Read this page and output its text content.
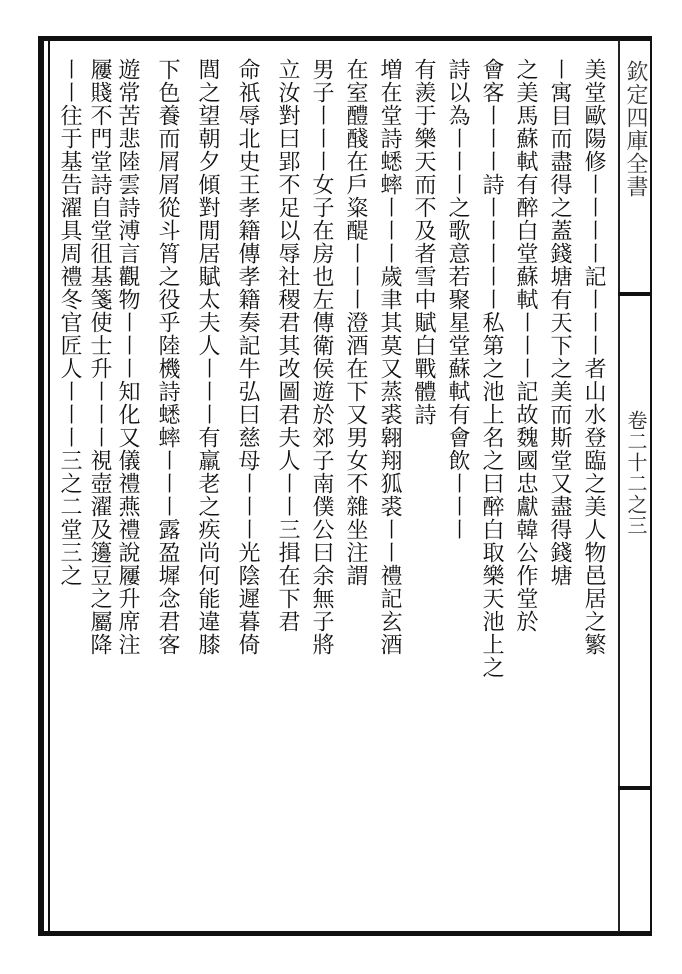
欽定四庫全書
卷二十二之三
美堂歐陽修〡〡〡〡記〡〡〡者山水登臨之美人物邑居之繁
〡寓目而盡得之蓋錢塘有天下之美而斯堂又盡得錢塘
之美馬蘇軾有醉白堂蘇軾〡〡〡記故魏國忠獻韓公作堂於
會客〡〡〡詩〡〡〡〡〡私第之池上名之曰醉白取樂天池上之
詩以為〡〡〡之歌意若聚星堂蘇軾有會飲〡〡〡
有羨于樂天而不及者雪中賦白戰體詩
増在堂詩蟋蟀〡〡〡歲聿其莫又蒸裘翱翔狐裘〡〡禮記玄酒
在室醴醆在戶粢醍〡〡〡澄酒在下又男女不雜坐注謂
男子〡〡〡女子在房也左傳衛侯遊於郊子南僕公曰余無子將
立汝對曰郢不足以辱社稷君其改圖君夫人〡〡三揖在下君
命祇辱北史王孝籍傳孝籍奏記牛弘曰慈母〡〡〡光陰遲暮倚
閭之望朝夕傾對閒居賦太夫人〡〡〡有羸老之疾尚何能違膝
下色養而屑屑從斗筲之役乎陸機詩蟋蟀〡〡〡露盈墀念君客
遊常苦悲陸雲詩溥言觀物〡〡〡知化又儀禮燕禮說屨升席注
屨賤不門堂詩自堂徂基箋使士升〡〡〡視壺濯及籩豆之屬降
〡〡往于基告濯具周禮冬官匠人〡〡〡三之二堂三之
